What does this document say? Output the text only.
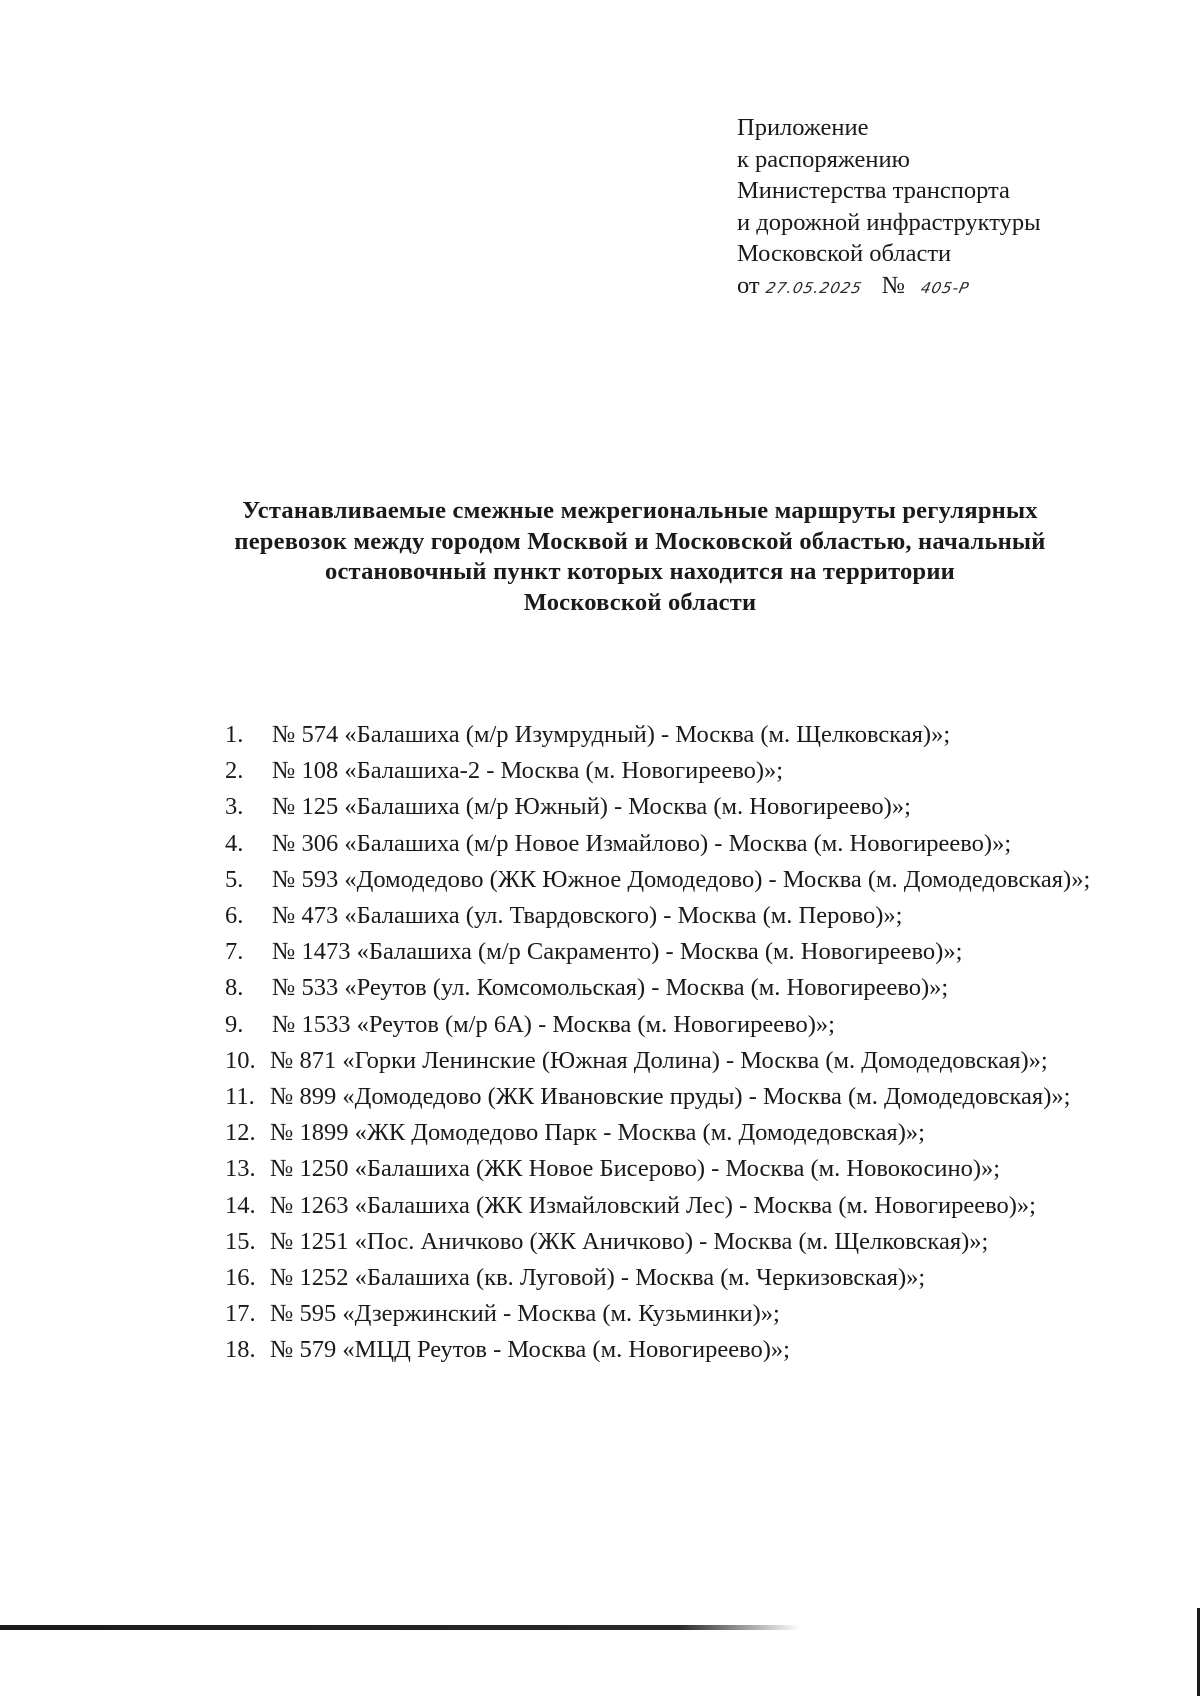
Приложение
к распоряжению
Министерства транспорта
и дорожной инфраструктуры
Московской области
от 27.05.2025 № 405-Р
Устанавливаемые смежные межрегиональные маршруты регулярных
перевозок между городом Москвой и Московской областью, начальный
остановочный пункт которых находится на территории
Московской области
1. № 574 «Балашиха (м/р Изумрудный) - Москва (м. Щелковская)»;
2. № 108 «Балашиха-2 - Москва (м. Новогиреево)»;
3. № 125 «Балашиха (м/р Южный) - Москва (м. Новогиреево)»;
4. № 306 «Балашиха (м/р Новое Измайлово) - Москва (м. Новогиреево)»;
5. № 593 «Домодедово (ЖК Южное Домодедово) - Москва (м. Домодедовская)»;
6. № 473 «Балашиха (ул. Твардовского) - Москва (м. Перово)»;
7. № 1473 «Балашиха (м/р Сакраменто) - Москва (м. Новогиреево)»;
8. № 533 «Реутов (ул. Комсомольская) - Москва (м. Новогиреево)»;
9. № 1533 «Реутов (м/р 6А) - Москва (м. Новогиреево)»;
10. № 871 «Горки Ленинские (Южная Долина) - Москва (м. Домодедовская)»;
11. № 899 «Домодедово (ЖК Ивановские пруды) - Москва (м. Домодедовская)»;
12. № 1899 «ЖК Домодедово Парк - Москва (м. Домодедовская)»;
13. № 1250 «Балашиха (ЖК Новое Бисерово) - Москва (м. Новокосино)»;
14. № 1263 «Балашиха (ЖК Измайловский Лес) - Москва (м. Новогиреево)»;
15. № 1251 «Пос. Аничково (ЖК Аничково) - Москва (м. Щелковская)»;
16. № 1252 «Балашиха (кв. Луговой) - Москва (м. Черкизовская)»;
17. № 595 «Дзержинский - Москва (м. Кузьминки)»;
18. № 579 «МЦД Реутов - Москва (м. Новогиреево)»;
